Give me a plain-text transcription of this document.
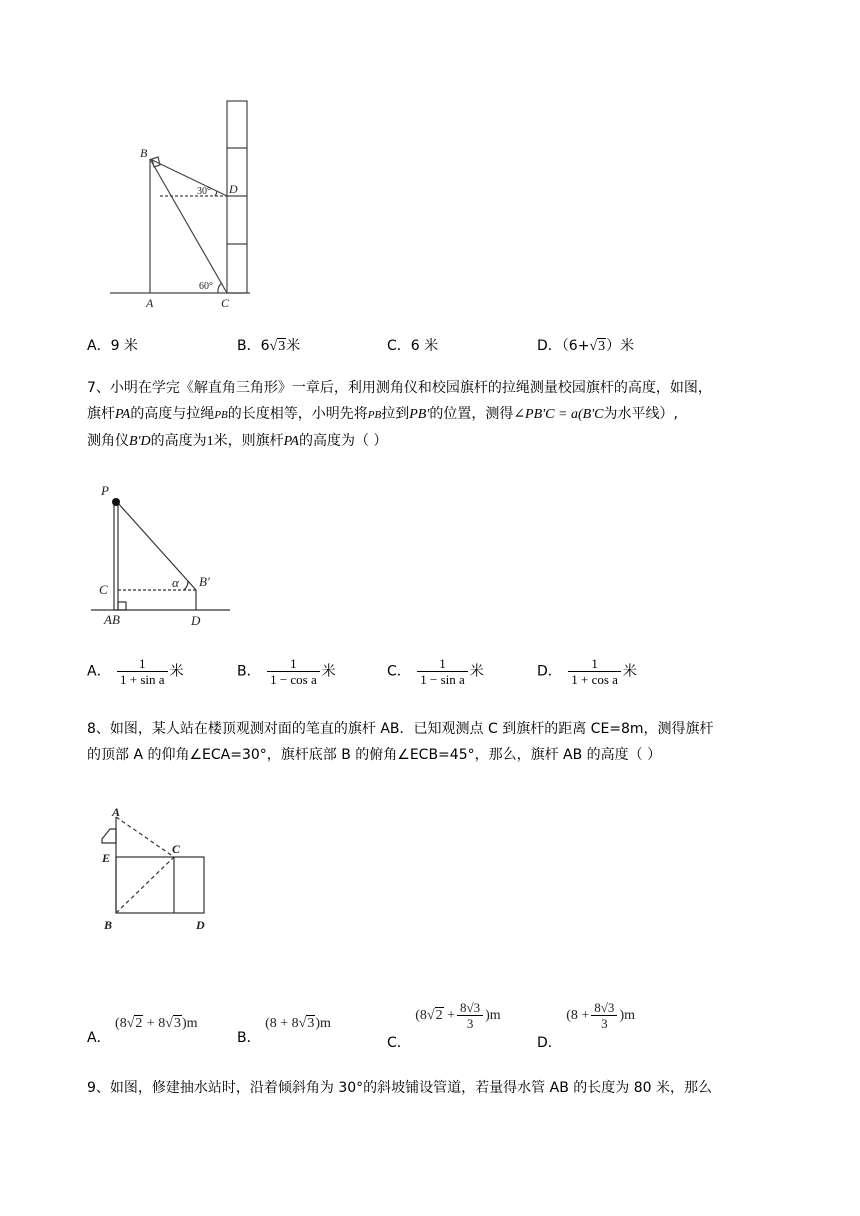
B
D
A	C
30°
60°
A．9 米	B．6√3米	C．6 米	D．（6+√3）米
7、小明在学完《解直角三角形》一章后，利用测角仪和校园旗杆的拉绳测量校园旗杆的高度，如图，
旗杆PA的高度与拉绳PB的长度相等，小明先将PB拉到PB'的位置，测得∠PB'C = a(B'C为水平线）,
测角仪B'D的高度为1米，则旗杆PA的高度为（ ）
P
C
AB
α B′
D
A． $\frac{1}{\text{1 + sin a}}$ 米	B． $\frac{1}{\text{1 − cos a}}$ 米	C． $\frac{1}{\text{1 − sin a}}$ 米	D． $\frac{1}{\text{1 + cos a}}$ 米
8、如图，某人站在楼顶观测对面的笔直的旗杆 AB．已知观测点 C 到旗杆的距离 CE=8m，测得旗杆
的顶部 A 的仰角∠ECA=30°，旗杆底部 B 的俯角∠ECB=45°，那么，旗杆 AB 的高度（ ）
A
E
C
B	D
A． (8√2 + 8√3)m
B． (8 + 8√3)m
C． $(8√2 + \frac{8√3}{3} )m$
D． $(8 + \frac{8√3}{3} )m$
9、如图，修建抽水站时，沿着倾斜角为 30°的斜坡铺设管道，若量得水管 AB 的长度为 80 米，那么
